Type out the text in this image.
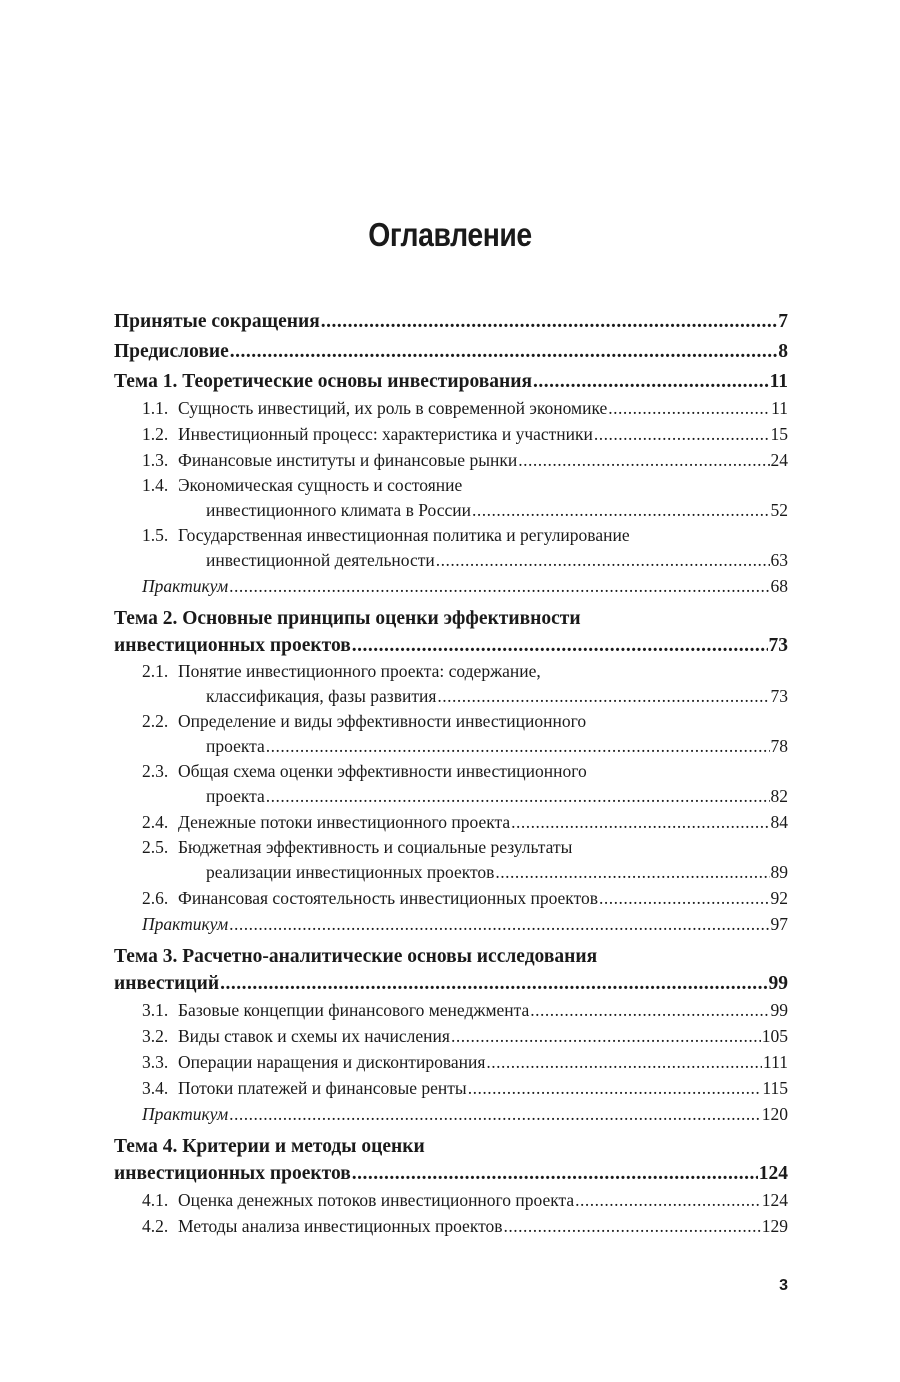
Оглавление
Принятые сокращения .....	7
Предисловие .....	8
Тема 1. Теоретические основы инвестирования .....	11
1.1. Сущность инвестиций, их роль в современной экономике .....	11
1.2. Инвестиционный процесс: характеристика и участники .....	15
1.3. Финансовые институты и финансовые рынки .....	24
1.4. Экономическая сущность и состояние
инвестиционного климата в России .....	52
1.5. Государственная инвестиционная политика и регулирование
инвестиционной деятельности .....	63
Практикум .....	68
Тема 2. Основные принципы оценки эффективности
инвестиционных проектов .....	73
2.1. Понятие инвестиционного проекта: содержание,
классификация, фазы развития .....	73
2.2. Определение и виды эффективности инвестиционного
проекта .....	78
2.3. Общая схема оценки эффективности инвестиционного
проекта .....	82
2.4. Денежные потоки инвестиционного проекта .....	84
2.5. Бюджетная эффективность и социальные результаты
реализации инвестиционных проектов .....	89
2.6. Финансовая состоятельность инвестиционных проектов .....	92
Практикум .....	97
Тема 3. Расчетно-аналитические основы исследования
инвестиций .....	99
3.1. Базовые концепции финансового менеджмента .....	99
3.2. Виды ставок и схемы их начисления .....	105
3.3. Операции наращения и дисконтирования .....	111
3.4. Потоки платежей и финансовые ренты .....	115
Практикум .....	120
Тема 4. Критерии и методы оценки
инвестиционных проектов .....	124
4.1. Оценка денежных потоков инвестиционного проекта .....	124
4.2. Методы анализа инвестиционных проектов .....	129
3
